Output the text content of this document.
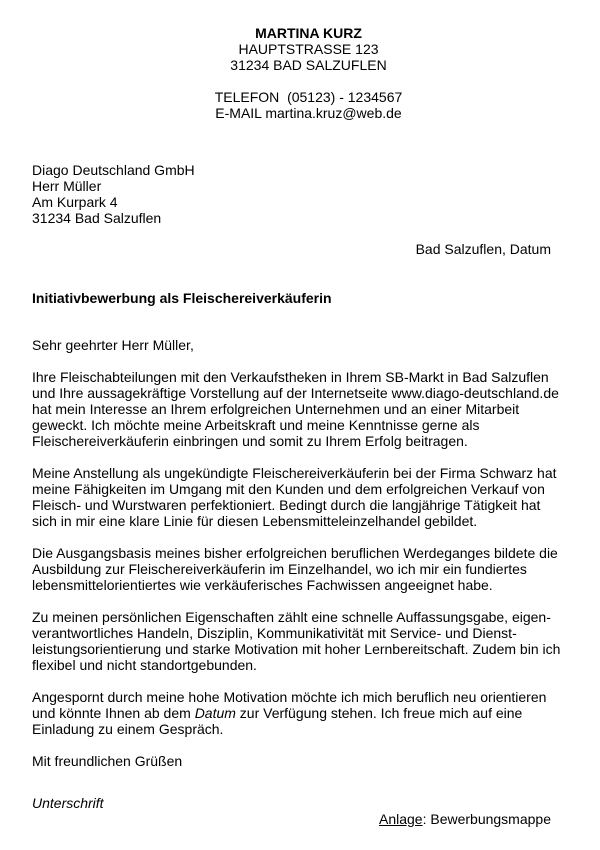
MARTINA KURZ
HAUPTSTRASSE 123
31234 BAD SALZUFLEN
TELEFON  (05123) - 1234567
E-MAIL martina.kruz@web.de
Diago Deutschland GmbH
Herr Müller
Am Kurpark 4
31234 Bad Salzuflen
Bad Salzuflen, Datum
Initiativbewerbung als Fleischereiverkäuferin

Sehr geehrter Herr Müller,

Ihre Fleischabteilungen mit den Verkaufstheken in Ihrem SB-Markt in Bad Salzuflen
und Ihre aussagekräftige Vorstellung auf der Internetseite www.diago-deutschland.de
hat mein Interesse an Ihrem erfolgreichen Unternehmen und an einer Mitarbeit
geweckt. Ich möchte meine Arbeitskraft und meine Kenntnisse gerne als
Fleischereiverkäuferin einbringen und somit zu Ihrem Erfolg beitragen.

Meine Anstellung als ungekündigte Fleischereiverkäuferin bei der Firma Schwarz hat
meine Fähigkeiten im Umgang mit den Kunden und dem erfolgreichen Verkauf von
Fleisch- und Wurstwaren perfektioniert. Bedingt durch die langjährige Tätigkeit hat
sich in mir eine klare Linie für diesen Lebensmitteleinzelhandel gebildet.

Die Ausgangsbasis meines bisher erfolgreichen beruflichen Werdeganges bildete die
Ausbildung zur Fleischereiverkäuferin im Einzelhandel, wo ich mir ein fundiertes
lebensmittelorientiertes wie verkäuferisches Fachwissen angeeignet habe.

Zu meinen persönlichen Eigenschaften zählt eine schnelle Auffassungsgabe, eigen-
verantwortliches Handeln, Disziplin, Kommunikativität mit Service- und Dienst-
leistungsorientierung und starke Motivation mit hoher Lernbereitschaft. Zudem bin ich
flexibel und nicht standortgebunden.

Angespornt durch meine hohe Motivation möchte ich mich beruflich neu orientieren
und könnte Ihnen ab dem Datum zur Verfügung stehen. Ich freue mich auf eine
Einladung zu einem Gespräch.

Mit freundlichen Grüßen

Unterschrift
Anlage: Bewerbungsmappe
